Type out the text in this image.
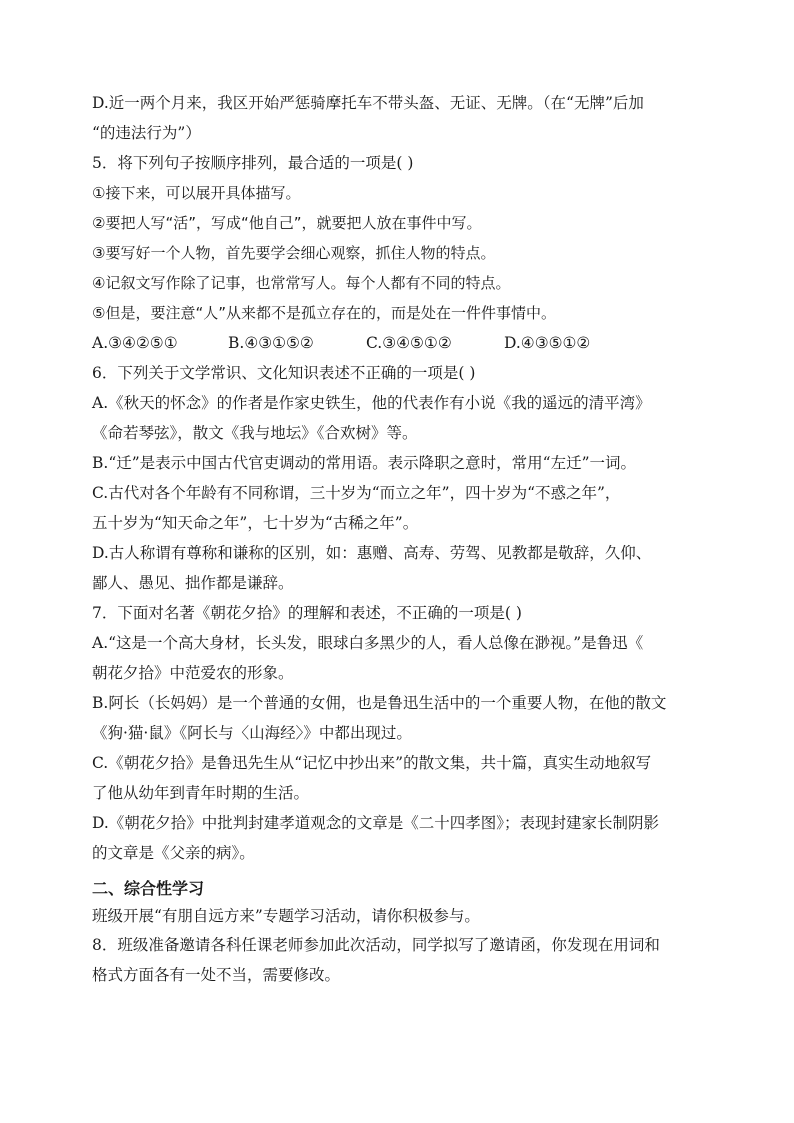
D.近一两个月来，我区开始严惩骑摩托车不带头盔、无证、无牌。（在“无牌”后加
“的违法行为”）
5．将下列句子按顺序排列，最合适的一项是( )
①接下来，可以展开具体描写。
②要把人写“活”，写成“他自己”，就要把人放在事件中写。
③要写好一个人物，首先要学会细心观察，抓住人物的特点。
④记叙文写作除了记事，也常常写人。每个人都有不同的特点。
⑤但是，要注意“人”从来都不是孤立存在的，而是处在一件件事情中。
A.③④②⑤①	B.④③①⑤②	C.③④⑤①②	D.④③⑤①②
6．下列关于文学常识、文化知识表述不正确的一项是( )
A.《秋天的怀念》的作者是作家史铁生，他的代表作有小说《我的遥远的清平湾》
《命若琴弦》，散文《我与地坛》《合欢树》等。
B.“迁”是表示中国古代官吏调动的常用语。表示降职之意时，常用“左迁”一词。
C.古代对各个年龄有不同称谓，三十岁为“而立之年”，四十岁为“不惑之年”，
五十岁为“知天命之年”，七十岁为“古稀之年”。
D.古人称谓有尊称和谦称的区别，如：惠赠、高寿、劳驾、见教都是敬辞，久仰、
鄙人、愚见、拙作都是谦辞。
7．下面对名著《朝花夕拾》的理解和表述，不正确的一项是( )
A.“这是一个高大身材，长头发，眼球白多黑少的人，看人总像在渺视。”是鲁迅《
朝花夕拾》中范爱农的形象。
B.阿长（长妈妈）是一个普通的女佣，也是鲁迅生活中的一个重要人物，在他的散文
《狗·猫·鼠》《阿长与〈山海经〉》中都出现过。
C.《朝花夕拾》是鲁迅先生从“记忆中抄出来”的散文集，共十篇，真实生动地叙写
了他从幼年到青年时期的生活。
D.《朝花夕拾》中批判封建孝道观念的文章是《二十四孝图》；表现封建家长制阴影
的文章是《父亲的病》。
二、综合性学习
班级开展“有朋自远方来”专题学习活动，请你积极参与。
8．班级准备邀请各科任课老师参加此次活动，同学拟写了邀请函，你发现在用词和
格式方面各有一处不当，需要修改。
